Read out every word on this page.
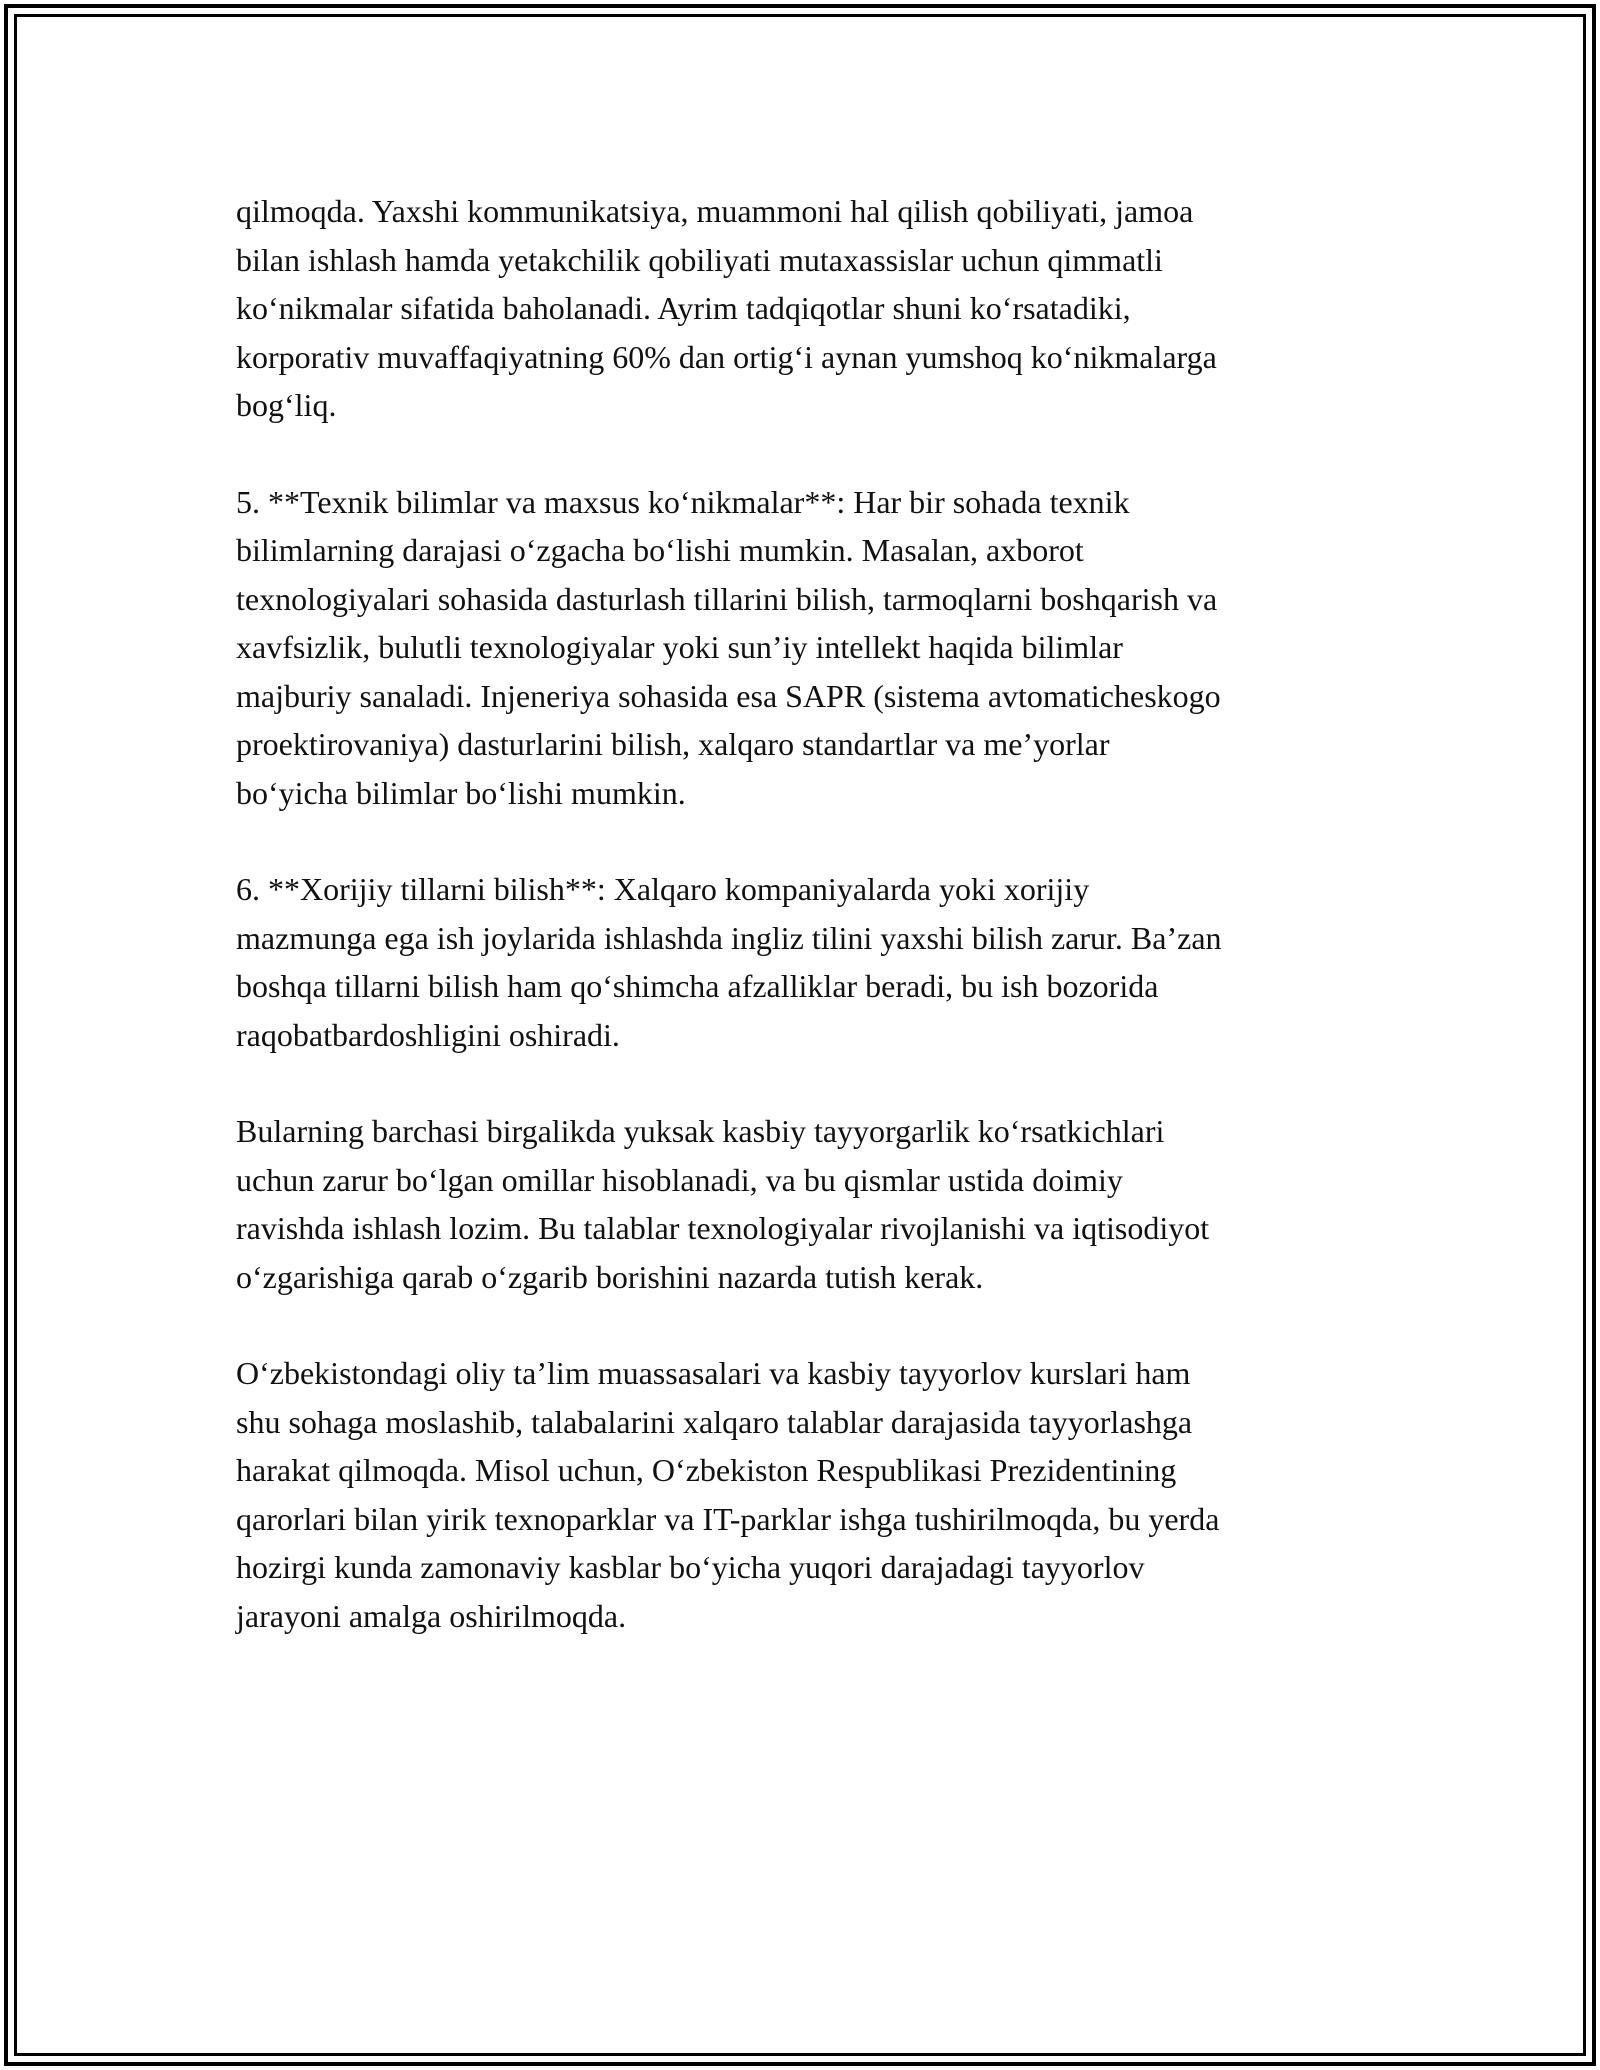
qilmoqda. Yaxshi kommunikatsiya, muammoni hal qilish qobiliyati, jamoa
bilan ishlash hamda yetakchilik qobiliyati mutaxassislar uchun qimmatli
ko‘nikmalar sifatida baholanadi. Ayrim tadqiqotlar shuni ko‘rsatadiki,
korporativ muvaffaqiyatning 60% dan ortig‘i aynan yumshoq ko‘nikmalarga
bog‘liq.

5. **Texnik bilimlar va maxsus ko‘nikmalar**: Har bir sohada texnik
bilimlarning darajasi o‘zgacha bo‘lishi mumkin. Masalan, axborot
texnologiyalari sohasida dasturlash tillarini bilish, tarmoqlarni boshqarish va
xavfsizlik, bulutli texnologiyalar yoki sun’iy intellekt haqida bilimlar
majburiy sanaladi. Injeneriya sohasida esa SAPR (sistema avtomaticheskogo
proektirovaniya) dasturlarini bilish, xalqaro standartlar va me’yorlar
bo‘yicha bilimlar bo‘lishi mumkin.

6. **Xorijiy tillarni bilish**: Xalqaro kompaniyalarda yoki xorijiy
mazmunga ega ish joylarida ishlashda ingliz tilini yaxshi bilish zarur. Ba’zan
boshqa tillarni bilish ham qo‘shimcha afzalliklar beradi, bu ish bozorida
raqobatbardoshligini oshiradi.

Bularning barchasi birgalikda yuksak kasbiy tayyorgarlik ko‘rsatkichlari
uchun zarur bo‘lgan omillar hisoblanadi, va bu qismlar ustida doimiy
ravishda ishlash lozim. Bu talablar texnologiyalar rivojlanishi va iqtisodiyot
o‘zgarishiga qarab o‘zgarib borishini nazarda tutish kerak.

O‘zbekistondagi oliy ta’lim muassasalari va kasbiy tayyorlov kurslari ham
shu sohaga moslashib, talabalarini xalqaro talablar darajasida tayyorlashga
harakat qilmoqda. Misol uchun, O‘zbekiston Respublikasi Prezidentining
qarorlari bilan yirik texnoparklar va IT-parklar ishga tushirilmoqda, bu yerda
hozirgi kunda zamonaviy kasblar bo‘yicha yuqori darajadagi tayyorlov
jarayoni amalga oshirilmoqda.
